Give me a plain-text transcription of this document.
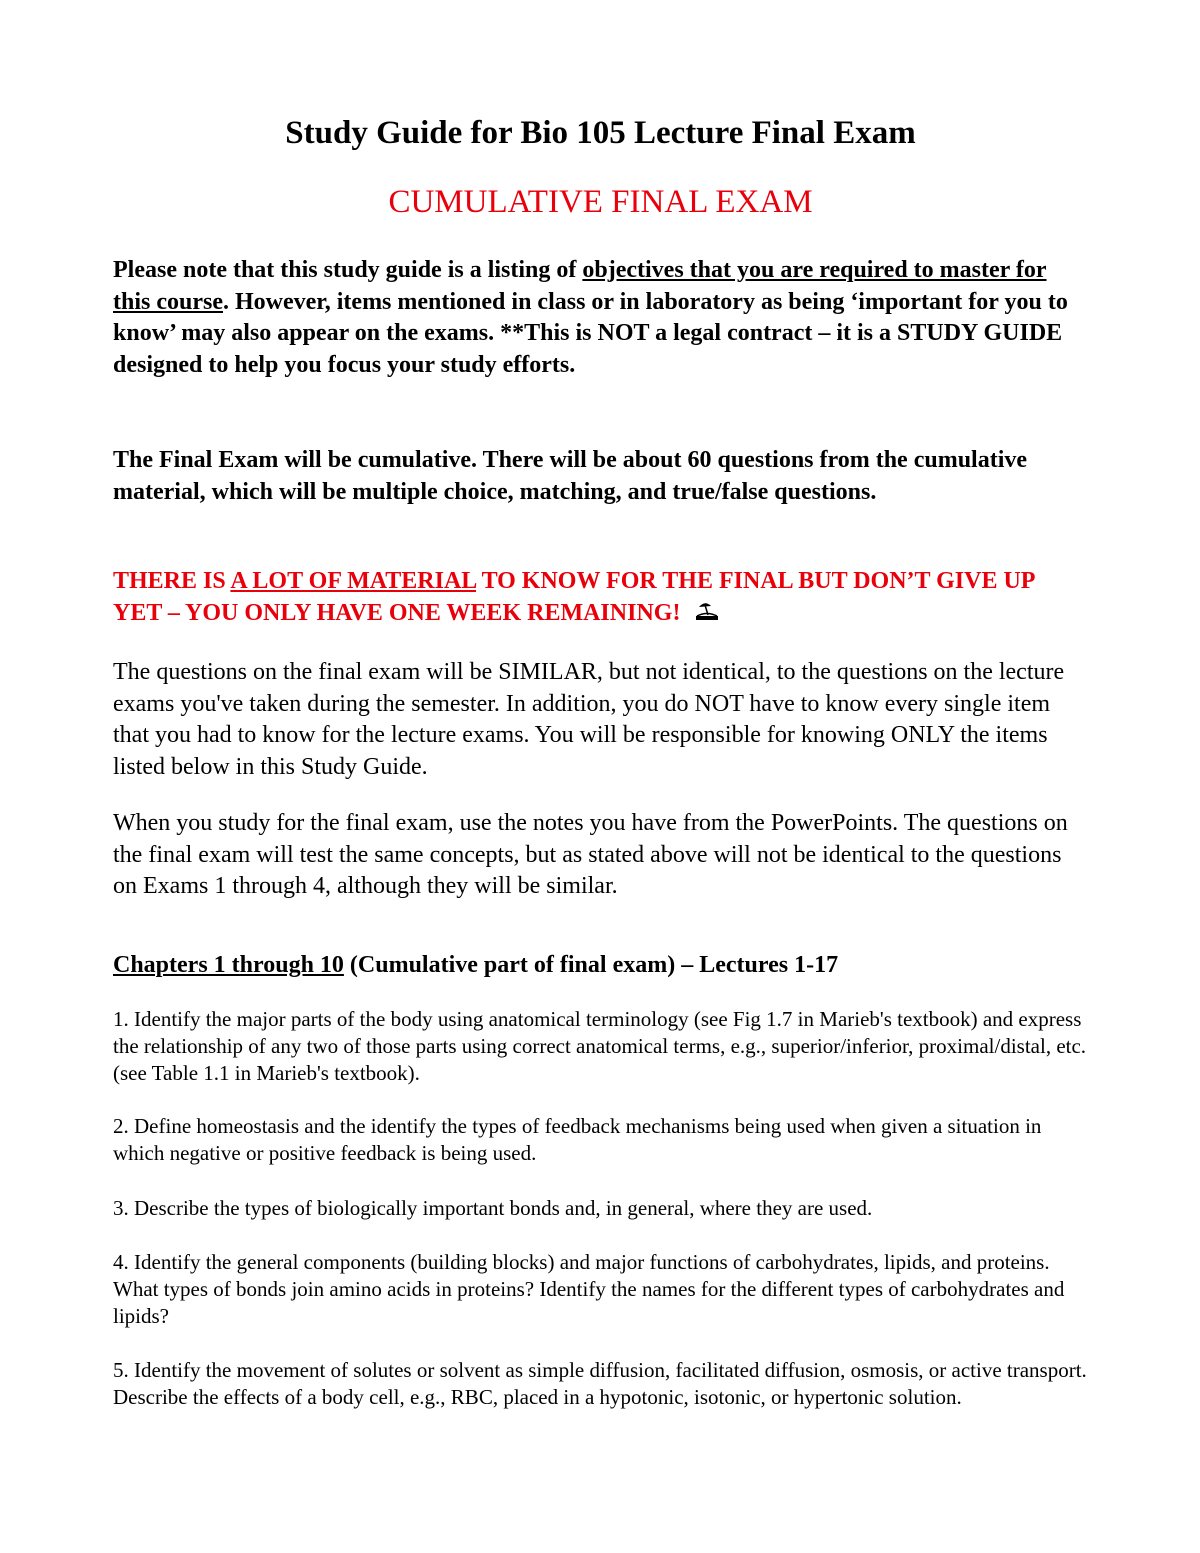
Study Guide for Bio 105 Lecture Final Exam
CUMULATIVE FINAL EXAM

Please note that this study guide is a listing of objectives that you are required to master for this course. However, items mentioned in class or in laboratory as being ‘important for you to know’ may also appear on the exams. **This is NOT a legal contract – it is a STUDY GUIDE designed to help you focus your study efforts.

The Final Exam will be cumulative. There will be about 60 questions from the cumulative material, which will be multiple choice, matching, and true/false questions.

THERE IS A LOT OF MATERIAL TO KNOW FOR THE FINAL BUT DON’T GIVE UP YET – YOU ONLY HAVE ONE WEEK REMAINING!

The questions on the final exam will be SIMILAR, but not identical, to the questions on the lecture exams you've taken during the semester. In addition, you do NOT have to know every single item that you had to know for the lecture exams. You will be responsible for knowing ONLY the items listed below in this Study Guide.

When you study for the final exam, use the notes you have from the PowerPoints. The questions on the final exam will test the same concepts, but as stated above will not be identical to the questions on Exams 1 through 4, although they will be similar.

Chapters 1 through 10 (Cumulative part of final exam) – Lectures 1-17

1. Identify the major parts of the body using anatomical terminology (see Fig 1.7 in Marieb's textbook) and express the relationship of any two of those parts using correct anatomical terms, e.g., superior/inferior, proximal/distal, etc. (see Table 1.1 in Marieb's textbook).

2. Define homeostasis and the identify the types of feedback mechanisms being used when given a situation in which negative or positive feedback is being used.

3. Describe the types of biologically important bonds and, in general, where they are used.

4. Identify the general components (building blocks) and major functions of carbohydrates, lipids, and proteins. What types of bonds join amino acids in proteins? Identify the names for the different types of carbohydrates and lipids?

5. Identify the movement of solutes or solvent as simple diffusion, facilitated diffusion, osmosis, or active transport. Describe the effects of a body cell, e.g., RBC, placed in a hypotonic, isotonic, or hypertonic solution.
